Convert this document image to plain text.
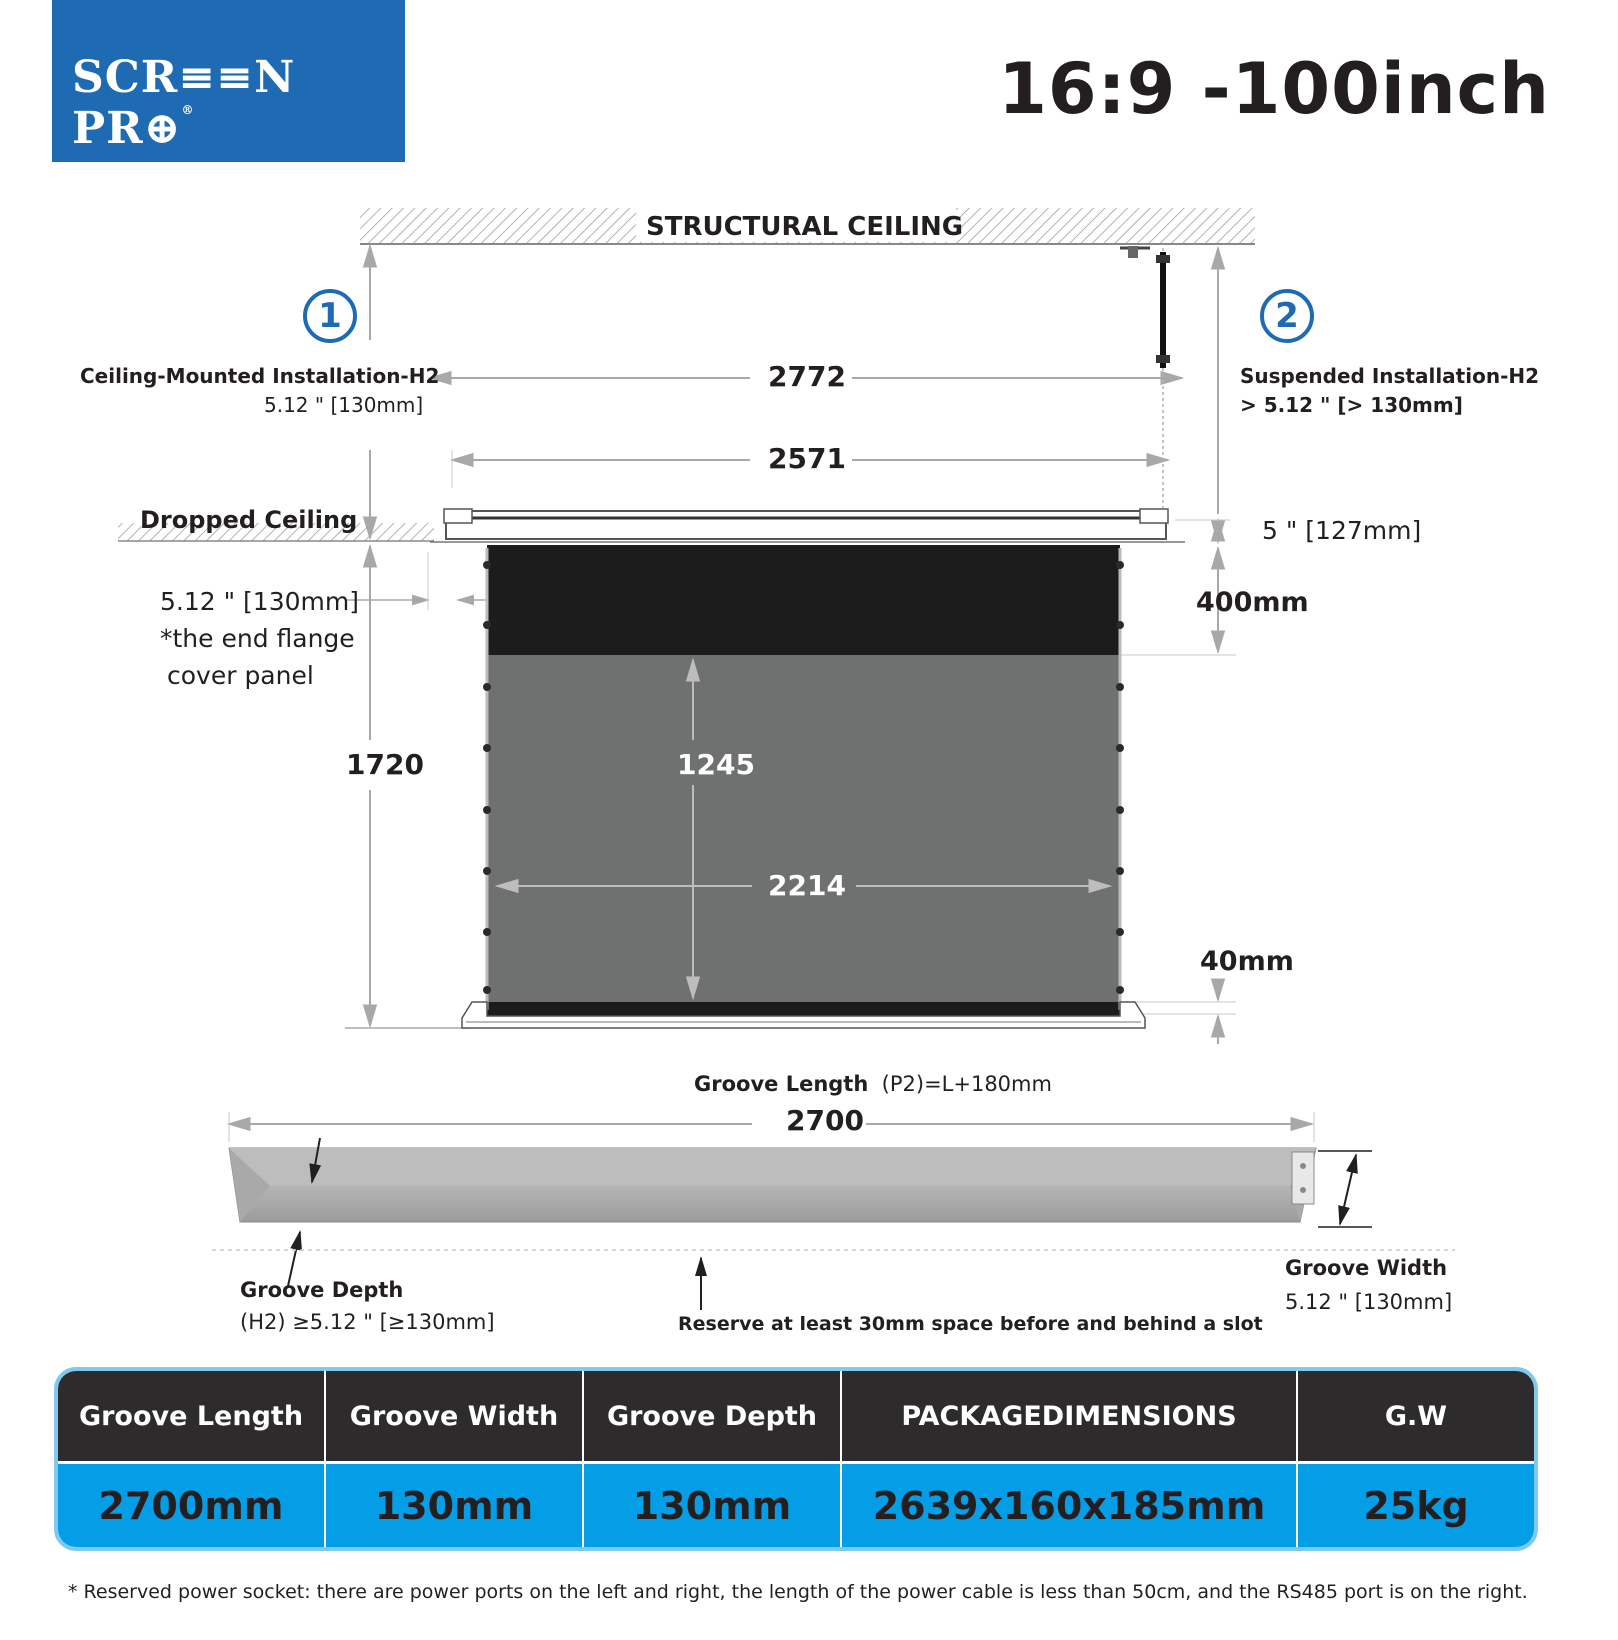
SCR≡≡N PR⊕®	16:9 -100inch
STRUCTURAL CEILING
1	2
Ceiling-Mounted Installation-H2
5.12 " [130mm]
Suspended Installation-H2
> 5.12 " [> 130mm]
2772
2571
Dropped Ceiling	5 " [127mm]
5.12 " [130mm]
*the end flange
cover panel
400mm
1720	1245
2214
40mm
Groove Length (P2)=L+180mm
2700
Groove Depth
(H2) ≥5.12 " [≥130mm]	Reserve at least 30mm space before and behind a slot
Groove Width
5.12 " [130mm]
Groove Length	Groove Width	Groove Depth	PACKAGEDIMENSIONS	G.W
2700mm	130mm	130mm	2639x160x185mm	25kg
* Reserved power socket: there are power ports on the left and right, the length of the power cable is less than 50cm, and the RS485 port is on the right.
